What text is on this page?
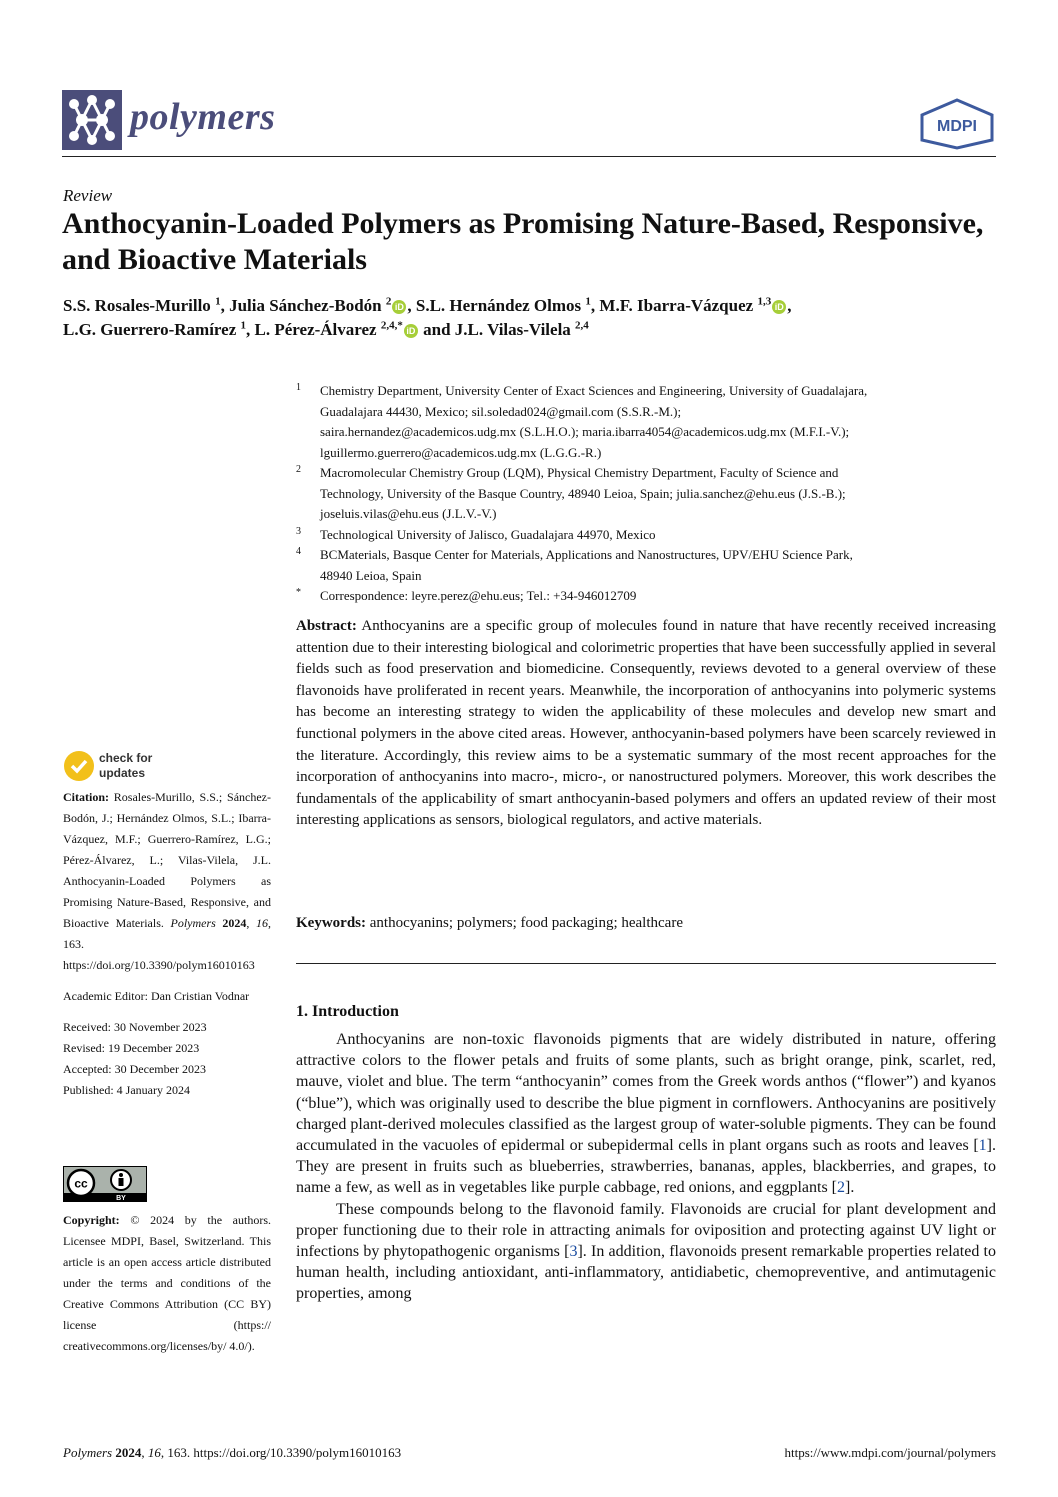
polymers	MDPI
Review
Anthocyanin-Loaded Polymers as Promising Nature-Based, Responsive, and Bioactive Materials
S.S. Rosales-Murillo $^1$, Julia Sánchez-Bodón $^2$ iD , S.L. Hernández Olmos $^1$, M.F. Ibarra-Vázquez $^{1,3}$ iD ,
L.G. Guerrero-Ramírez $^1$, L. Pérez-Álvarez $^{2,4,*}$ iD and J.L. Vilas-Vilela $^{2,4}$
1 Chemistry Department, University Center of Exact Sciences and Engineering, University of Guadalajara,
Guadalajara 44430, Mexico; sil.soledad024@gmail.com (S.S.R.-M.);
saira.hernandez@academicos.udg.mx (S.L.H.O.); maria.ibarra4054@academicos.udg.mx (M.F.I.-V.);
lguillermo.guerrero@academicos.udg.mx (L.G.G.-R.)
2 Macromolecular Chemistry Group (LQM), Physical Chemistry Department, Faculty of Science and
Technology, University of the Basque Country, 48940 Leioa, Spain; julia.sanchez@ehu.eus (J.S.-B.);
joseluis.vilas@ehu.eus (J.L.V.-V.)
3 Technological University of Jalisco, Guadalajara 44970, Mexico
4 BCMaterials, Basque Center for Materials, Applications and Nanostructures, UPV/EHU Science Park,
48940 Leioa, Spain
* Correspondence: leyre.perez@ehu.eus; Tel.: +34-946012709
Abstract: Anthocyanins are a specific group of molecules found in nature that have recently received increasing attention due to their interesting biological and colorimetric properties that have been successfully applied in several fields such as food preservation and biomedicine. Consequently, reviews devoted to a general overview of these flavonoids have proliferated in recent years. Meanwhile, the incorporation of anthocyanins into polymeric systems has become an interesting strategy to widen the applicability of these molecules and develop new smart and functional polymers in the above cited areas. However, anthocyanin-based polymers have been scarcely reviewed in the literature. Accordingly, this review aims to be a systematic summary of the most recent approaches for the incorporation of anthocyanins into macro-, micro-, or nanostructured polymers. Moreover, this work describes the fundamentals of the applicability of smart anthocyanin-based polymers and offers an updated review of their most interesting applications as sensors, biological regulators, and active materials.
Keywords: anthocyanins; polymers; food packaging; healthcare
1. Introduction

Anthocyanins are non-toxic flavonoids pigments that are widely distributed in nature, offering attractive colors to the flower petals and fruits of some plants, such as bright orange, pink, scarlet, red, mauve, violet and blue. The term “anthocyanin” comes from the Greek words anthos (“flower”) and kyanos (“blue”), which was originally used to describe the blue pigment in cornflowers. Anthocyanins are positively charged plant-derived molecules classified as the largest group of water-soluble pigments. They can be found accumulated in the vacuoles of epidermal or subepidermal cells in plant organs such as roots and leaves [1]. They are present in fruits such as blueberries, strawberries, bananas, apples, blackberries, and grapes, to name a few, as well as in vegetables like purple cabbage, red onions, and eggplants [2].

These compounds belong to the flavonoid family. Flavonoids are crucial for plant development and proper functioning due to their role in attracting animals for oviposition and protecting against UV light or infections by phytopathogenic organisms [3]. In addition, flavonoids present remarkable properties related to human health, including antioxidant, anti-inflammatory, antidiabetic, chemopreventive, and antimutagenic properties, among

check for
updates
Citation: Rosales-Murillo, S.S.; Sánchez-Bodón, J.; Hernández Olmos, S.L.; Ibarra-Vázquez, M.F.; Guerrero-Ramírez, L.G.; Pérez-Álvarez, L.; Vilas-Vilela, J.L. Anthocyanin-Loaded Polymers as Promising Nature-Based, Responsive, and Bioactive Materials. Polymers 2024, 16, 163. https://doi.org/10.3390/polym16010163
Academic Editor: Dan Cristian Vodnar
Received: 30 November 2023
Revised: 19 December 2023
Accepted: 30 December 2023
Published: 4 January 2024
cc
BY
Copyright: © 2024 by the authors. Licensee MDPI, Basel, Switzerland. This article is an open access article distributed under the terms and conditions of the Creative Commons Attribution (CC BY) license (https:// creativecommons.org/licenses/by/ 4.0/).
Polymers 2024, 16, 163. https://doi.org/10.3390/polym16010163	https://www.mdpi.com/journal/polymers
